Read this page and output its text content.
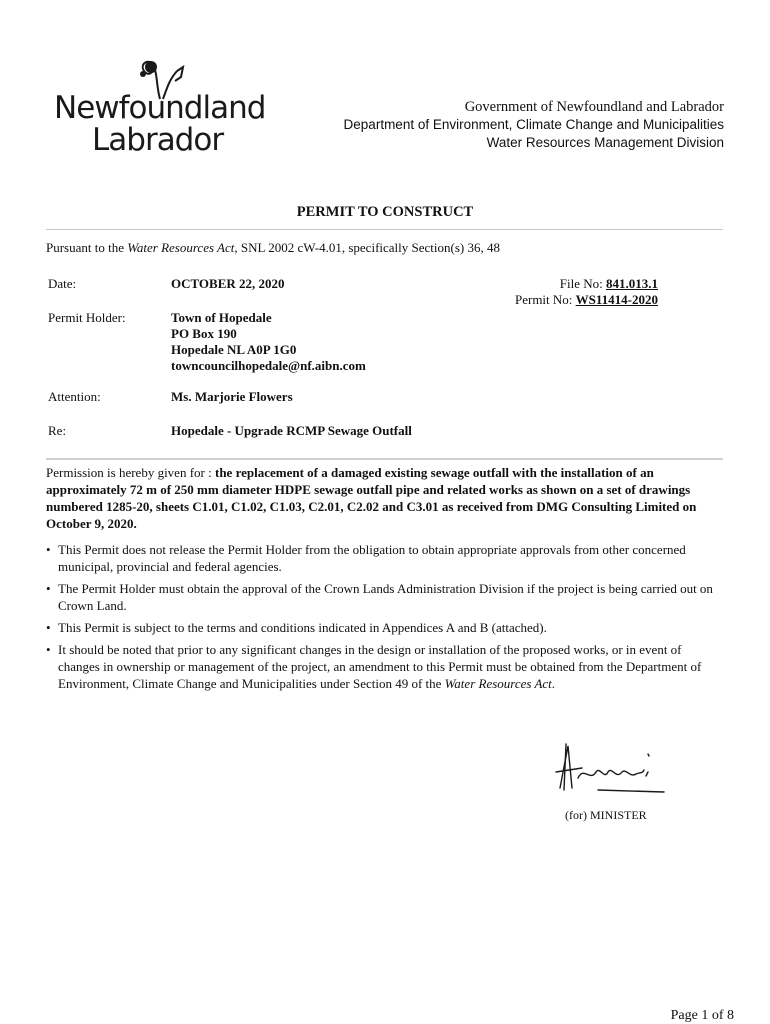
Newfoundland
Labrador
Government of Newfoundland and Labrador
Department of Environment, Climate Change and Municipalities
Water Resources Management Division
PERMIT TO CONSTRUCT
Pursuant to the Water Resources Act, SNL 2002 cW-4.01, specifically Section(s) 36, 48
Date:	OCTOBER 22, 2020	File No: 841.013.1
Permit No: WS11414-2020
Permit Holder:	Town of Hopedale
PO Box 190
Hopedale NL A0P 1G0
towncouncilhopedale@nf.aibn.com
Attention:	Ms. Marjorie Flowers
Re:	Hopedale - Upgrade RCMP Sewage Outfall
Permission is hereby given for : the replacement of a damaged existing sewage outfall with the installation of an approximately 72 m of 250 mm diameter HDPE sewage outfall pipe and related works as shown on a set of drawings numbered 1285-20, sheets C1.01, C1.02, C1.03, C2.01, C2.02 and C3.01 as received from DMG Consulting Limited on October 9, 2020.
• This Permit does not release the Permit Holder from the obligation to obtain appropriate approvals from other concerned municipal, provincial and federal agencies.
• The Permit Holder must obtain the approval of the Crown Lands Administration Division if the project is being carried out on Crown Land.
• This Permit is subject to the terms and conditions indicated in Appendices A and B (attached).
• It should be noted that prior to any significant changes in the design or installation of the proposed works, or in event of changes in ownership or management of the project, an amendment to this Permit must be obtained from the Department of Environment, Climate Change and Municipalities under Section 49 of the Water Resources Act.
(for) MINISTER
Page 1 of 8
